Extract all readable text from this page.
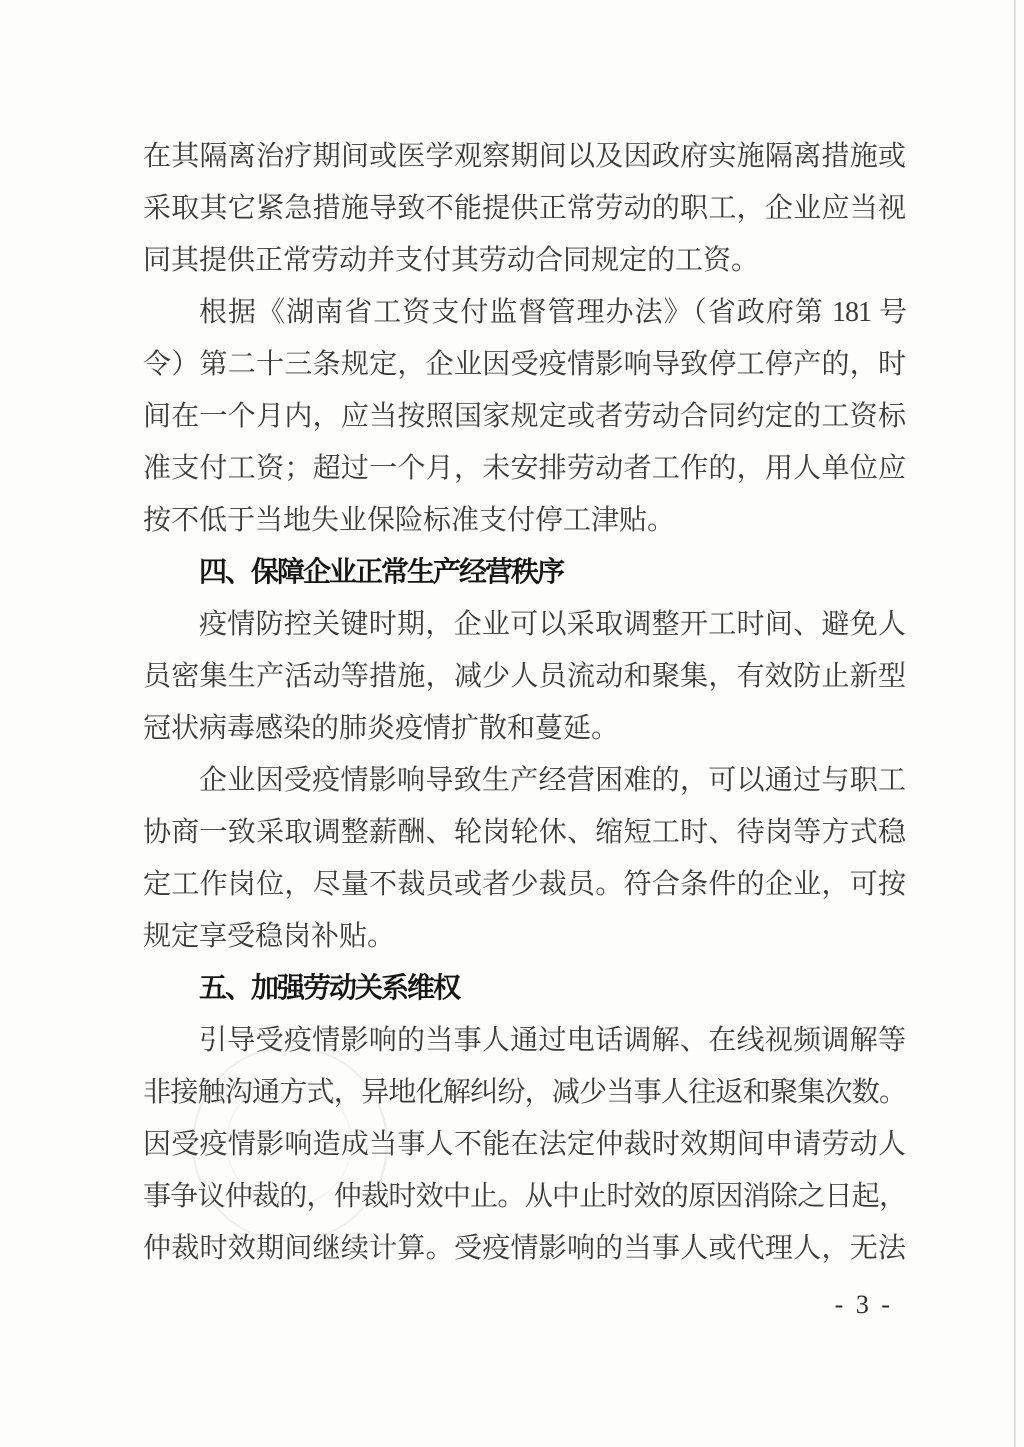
在其隔离治疗期间或医学观察期间以及因政府实施隔离措施或
采取其它紧急措施导致不能提供正常劳动的职工，企业应当视
同其提供正常劳动并支付其劳动合同规定的工资。
根据《湖南省工资支付监督管理办法》（省政府第 181 号
令）第二十三条规定，企业因受疫情影响导致停工停产的，时
间在一个月内，应当按照国家规定或者劳动合同约定的工资标
准支付工资；超过一个月，未安排劳动者工作的，用人单位应
按不低于当地失业保险标准支付停工津贴。
四、保障企业正常生产经营秩序
疫情防控关键时期，企业可以采取调整开工时间、避免人
员密集生产活动等措施，减少人员流动和聚集，有效防止新型
冠状病毒感染的肺炎疫情扩散和蔓延。
企业因受疫情影响导致生产经营困难的，可以通过与职工
协商一致采取调整薪酬、轮岗轮休、缩短工时、待岗等方式稳
定工作岗位，尽量不裁员或者少裁员。符合条件的企业，可按
规定享受稳岗补贴。
五、加强劳动关系维权
引导受疫情影响的当事人通过电话调解、在线视频调解等
非接触沟通方式，异地化解纠纷，减少当事人往返和聚集次数。
因受疫情影响造成当事人不能在法定仲裁时效期间申请劳动人
事争议仲裁的，仲裁时效中止。从中止时效的原因消除之日起，
仲裁时效期间继续计算。受疫情影响的当事人或代理人，无法
- 3 -
